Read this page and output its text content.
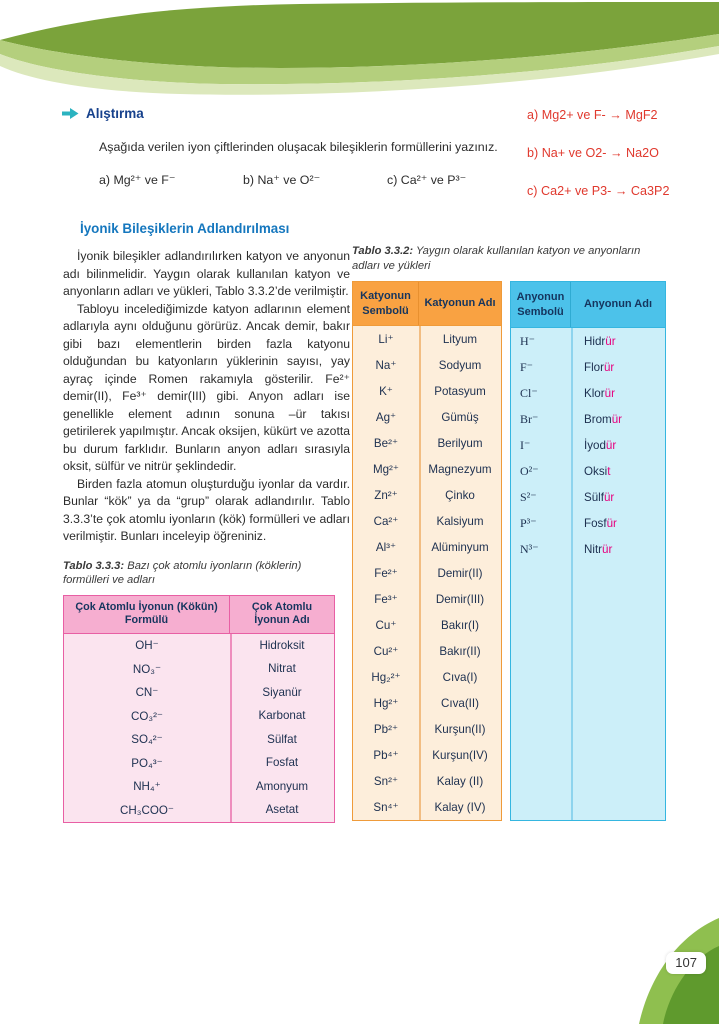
Alıştırma

Aşağıda verilen iyon çiftlerinden oluşacak bileşiklerin formüllerini yazınız.

a) Mg²⁺ ve F⁻	b) Na⁺ ve O²⁻	c) Ca²⁺ ve P³⁻
a) Mg2+ ve F- → MgF2
b) Na+ ve O2- → Na2O
c) Ca2+ ve P3- → Ca3P2
İyonik Bileşiklerin Adlandırılması

İyonik bileşikler adlandırılırken katyon ve anyonun adı bilinmelidir. Yaygın olarak kullanılan katyon ve anyonların adları ve yükleri, Tablo 3.3.2’de verilmiştir.

Tabloyu incelediğimizde katyon adlarının element adlarıyla aynı olduğunu görürüz. Ancak demir, bakır gibi bazı elementlerin birden fazla katyonu olduğundan bu katyonların yüklerinin sayısı, yay ayraç içinde Romen rakamıyla gösterilir. Fe²⁺ demir(II), Fe³⁺ demir(III) gibi. Anyon adları ise genellikle element adının sonuna –ür takısı getirilerek yapılmıştır. Ancak oksijen, kükürt ve azotta bu durum farklıdır. Bunların anyon adları sırasıyla oksit, sülfür ve nitrür şeklindedir.

Birden fazla atomun oluşturduğu iyonlar da vardır. Bunlar “kök” ya da “grup” olarak adlandırılır. Tablo 3.3.3’te çok atomlu iyonların (kök) formülleri ve adları verilmiştir. Bunları inceleyip öğreniniz.

Tablo 3.3.3: Bazı çok atomlu iyonların (köklerin) formülleri ve adları
Çok Atomlu İyonun (Kökün) Formülü
Çok Atomlu İyonun Adı
OH⁻	Hidroksit
NO₃⁻	Nitrat
CN⁻	Siyanür
CO₃²⁻	Karbonat
SO₄²⁻	Sülfat
PO₄³⁻	Fosfat
NH₄⁺	Amonyum
CH₃COO⁻	Asetat
Tablo 3.3.2: Yaygın olarak kullanılan katyon ve anyonların adları ve yükleri
Katyonun Sembolü
Katyonun Adı
Li⁺	Lityum
Na⁺	Sodyum
K⁺	Potasyum
Ag⁺	Gümüş
Be²⁺	Berilyum
Mg²⁺	Magnezyum
Zn²⁺	Çinko
Ca²⁺	Kalsiyum
Al³⁺	Alüminyum
Fe²⁺	Demir(II)
Fe³⁺	Demir(III)
Cu⁺	Bakır(I)
Cu²⁺	Bakır(II)
Hg₂²⁺	Cıva(I)
Hg²⁺	Cıva(II)
Pb²⁺	Kurşun(II)
Pb⁴⁺	Kurşun(IV)
Sn²⁺	Kalay (II)
Sn⁴⁺	Kalay (IV)
Anyonun Sembolü
Anyonun Adı
H⁻	Hidr ür
F⁻	Flor ür
Cl⁻	Klor ür
Br⁻	Brom ür
I⁻	İyod ür
O²⁻	Oksi t
S²⁻	Sülf ür
P³⁻	Fosf ür
N³⁻	Nitr ür
107
